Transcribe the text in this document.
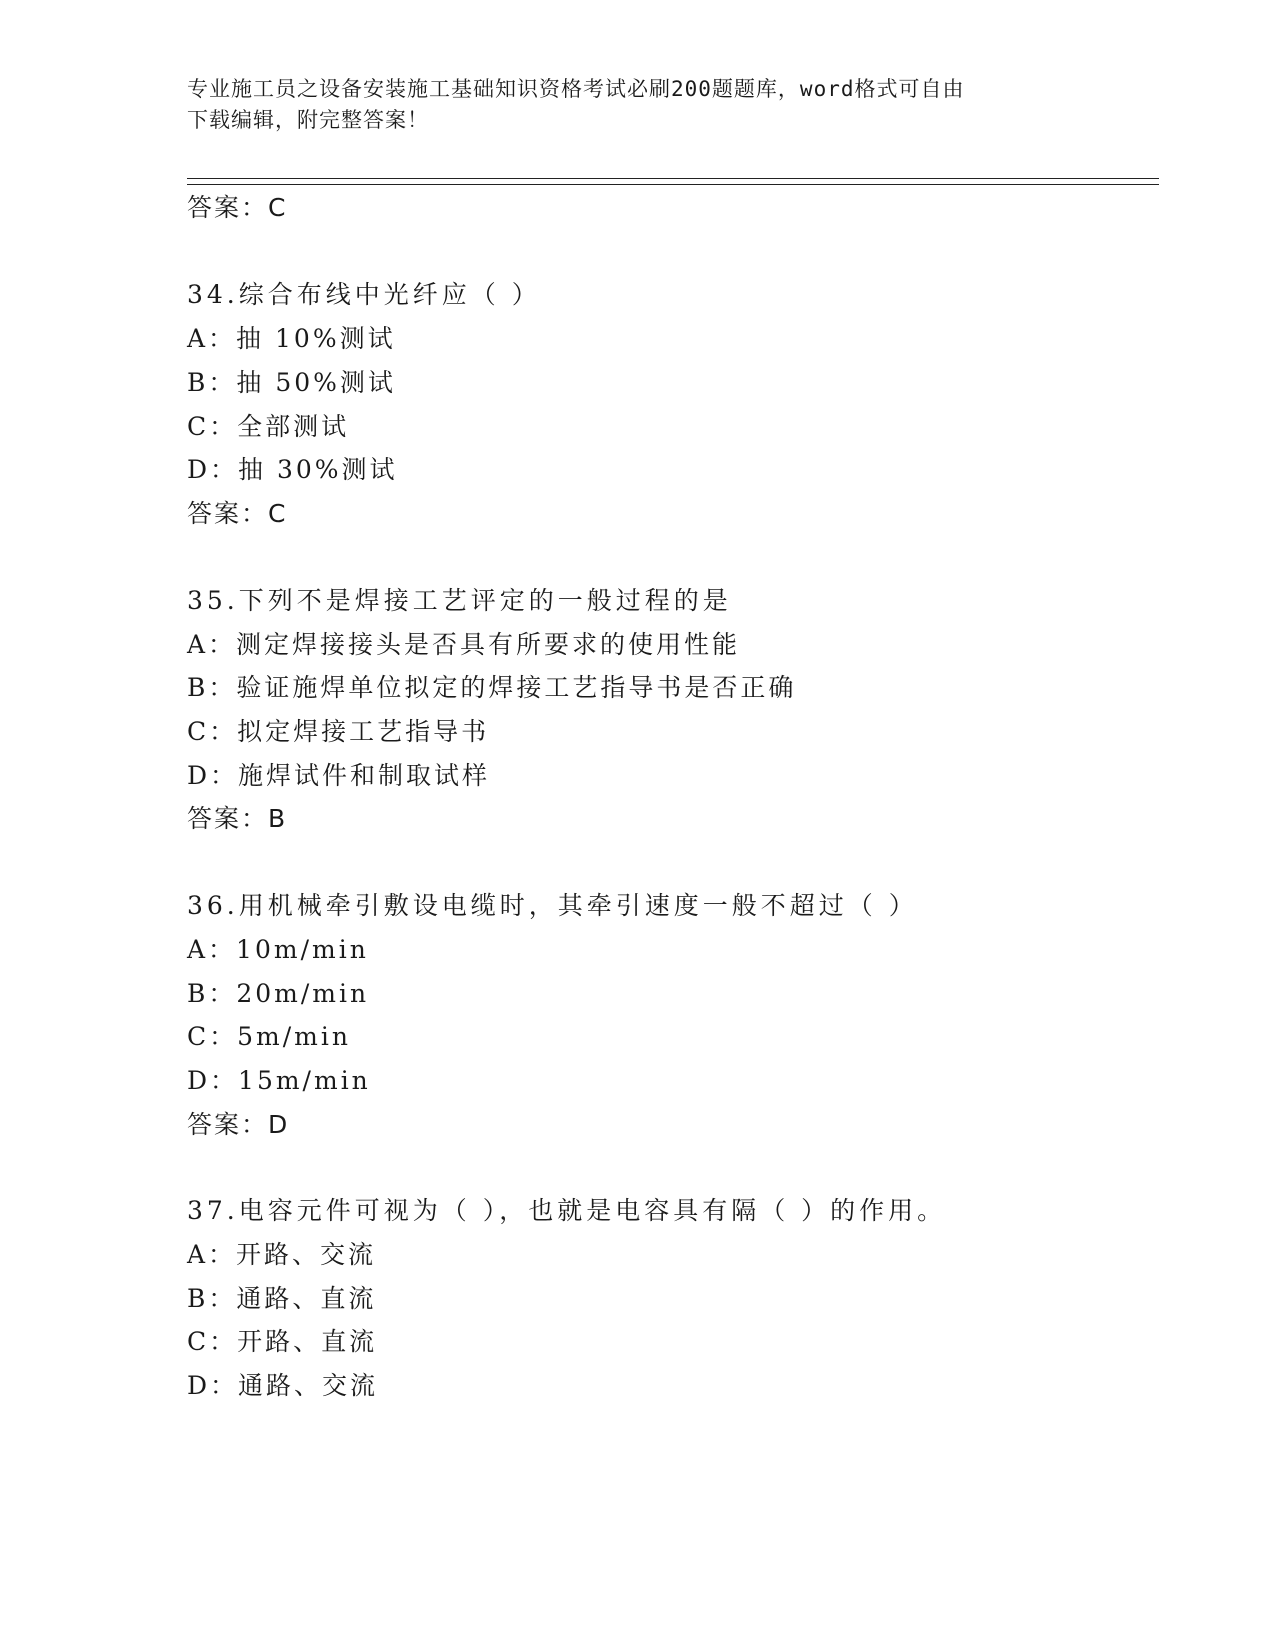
专业施工员之设备安装施工基础知识资格考试必刷200题题库，word格式可自由
下载编辑，附完整答案！
答案：C
34.综合布线中光纤应（ ）
A：抽 10%测试
B：抽 50%测试
C：全部测试
D：抽 30%测试
答案：C
35.下列不是焊接工艺评定的一般过程的是
A：测定焊接接头是否具有所要求的使用性能
B：验证施焊单位拟定的焊接工艺指导书是否正确
C：拟定焊接工艺指导书
D：施焊试件和制取试样
答案：B
36.用机械牵引敷设电缆时，其牵引速度一般不超过（ ）
A：10m/min
B：20m/min
C：5m/min
D：15m/min
答案：D
37.电容元件可视为（ ），也就是电容具有隔（ ）的作用。
A：开路、交流
B：通路、直流
C：开路、直流
D：通路、交流
